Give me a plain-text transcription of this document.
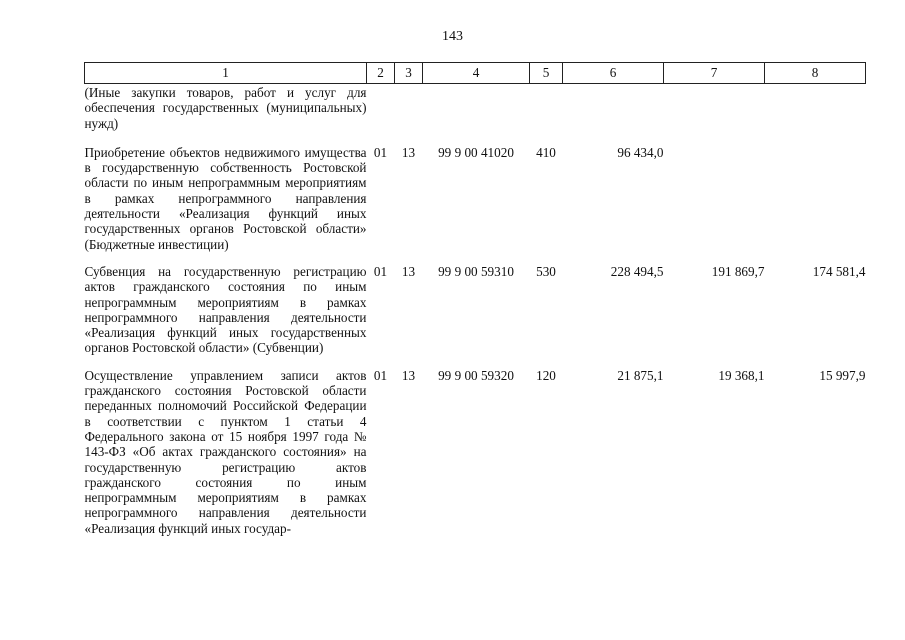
143
1	2	3	4	5	6	7	8
(Иные закупки товаров, работ и услуг для обеспечения государственных (муниципальных) нужд)							
Приобретение объектов недвижимого имущества в государственную собственность Ростовской области по иным непрограммным мероприятиям в рамках непрограммного направления деятельности «Реализация функций иных государственных органов Ростовской области» (Бюджетные инвестиции)	01	13	99 9 00 41020	410	96 434,0		
Субвенция на государственную регистрацию актов гражданского состояния по иным непрограммным мероприятиям в рамках непрограммного направления деятельности «Реализация функций иных государственных органов Ростовской области» (Субвенции)	01	13	99 9 00 59310	530	228 494,5	191 869,7	174 581,4
Осуществление управлением записи актов гражданского состояния Ростовской области переданных полномочий Российской Федерации в соответствии с пунктом 1 статьи 4 Федерального закона от 15 ноября 1997 года № 143-ФЗ «Об актах гражданского состояния» на государственную регистрацию актов гражданского состояния по иным непрограммным мероприятиям в рамках непрограммного направления деятельности «Реализация функций иных государ-	01	13	99 9 00 59320	120	21 875,1	19 368,1	15 997,9
